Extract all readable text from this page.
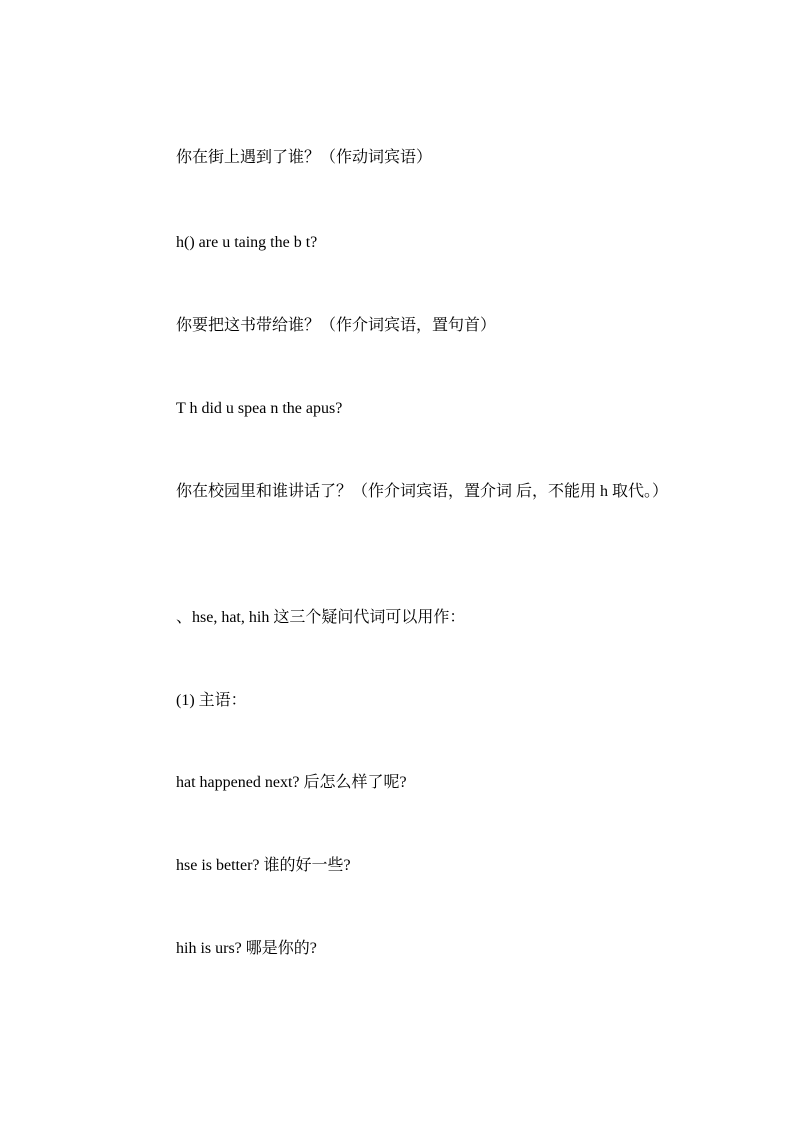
你在街上遇到了谁？（作动词宾语）

h() are u taing the b t?

你要把这书带给谁？（作介词宾语，置句首）

T h did u spea n the apus?

你在校园里和谁讲话了？（作介词宾语，置介词 后，不能用 h 取代。）

、hse, hat, hih 这三个疑问代词可以用作：

(1) 主语：

hat happened next? 后怎么样了呢?

hse is better? 谁的好一些?

hih is urs? 哪是你的?
